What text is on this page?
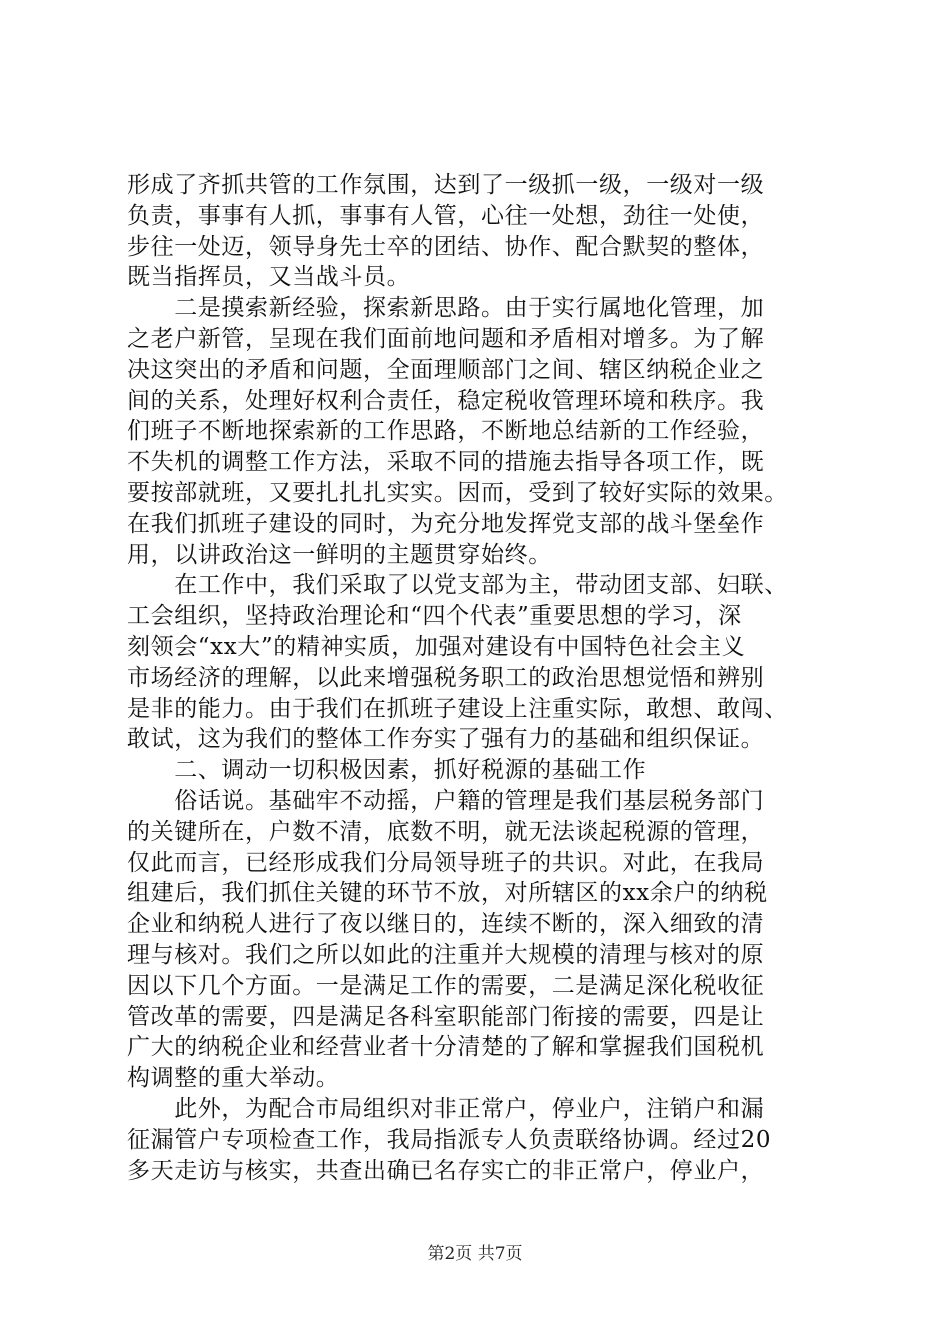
形成了齐抓共管的工作氛围，达到了一级抓一级，一级对一级
负责，事事有人抓，事事有人管，心往一处想，劲往一处使，
步往一处迈，领导身先士卒的团结、协作、配合默契的整体，
既当指挥员，又当战斗员。
　　二是摸索新经验，探索新思路。由于实行属地化管理，加
之老户新管，呈现在我们面前地问题和矛盾相对增多。为了解
决这突出的矛盾和问题，全面理顺部门之间、辖区纳税企业之
间的关系，处理好权利合责任，稳定税收管理环境和秩序。我
们班子不断地探索新的工作思路，不断地总结新的工作经验，
不失机的调整工作方法，采取不同的措施去指导各项工作，既
要按部就班，又要扎扎扎实实。因而，受到了较好实际的效果。
在我们抓班子建设的同时，为充分地发挥党支部的战斗堡垒作
用，以讲政治这一鲜明的主题贯穿始终。
　　在工作中，我们采取了以党支部为主，带动团支部、妇联、
工会组织，坚持政治理论和“四个代表”重要思想的学习，深
刻领会“xx大”的精神实质，加强对建设有中国特色社会主义
市场经济的理解，以此来增强税务职工的政治思想觉悟和辨别
是非的能力。由于我们在抓班子建设上注重实际，敢想、敢闯、
敢试，这为我们的整体工作夯实了强有力的基础和组织保证。
　　二、调动一切积极因素，抓好税源的基础工作
　　俗话说。基础牢不动摇，户籍的管理是我们基层税务部门
的关键所在，户数不清，底数不明，就无法谈起税源的管理，
仅此而言，已经形成我们分局领导班子的共识。对此，在我局
组建后，我们抓住关键的环节不放，对所辖区的xx余户的纳税
企业和纳税人进行了夜以继日的，连续不断的，深入细致的清
理与核对。我们之所以如此的注重并大规模的清理与核对的原
因以下几个方面。一是满足工作的需要，二是满足深化税收征
管改革的需要，四是满足各科室职能部门衔接的需要，四是让
广大的纳税企业和经营业者十分清楚的了解和掌握我们国税机
构调整的重大举动。
　　此外，为配合市局组织对非正常户，停业户，注销户和漏
征漏管户专项检查工作，我局指派专人负责联络协调。经过20
多天走访与核实，共查出确已名存实亡的非正常户，停业户，
第2页 共7页
